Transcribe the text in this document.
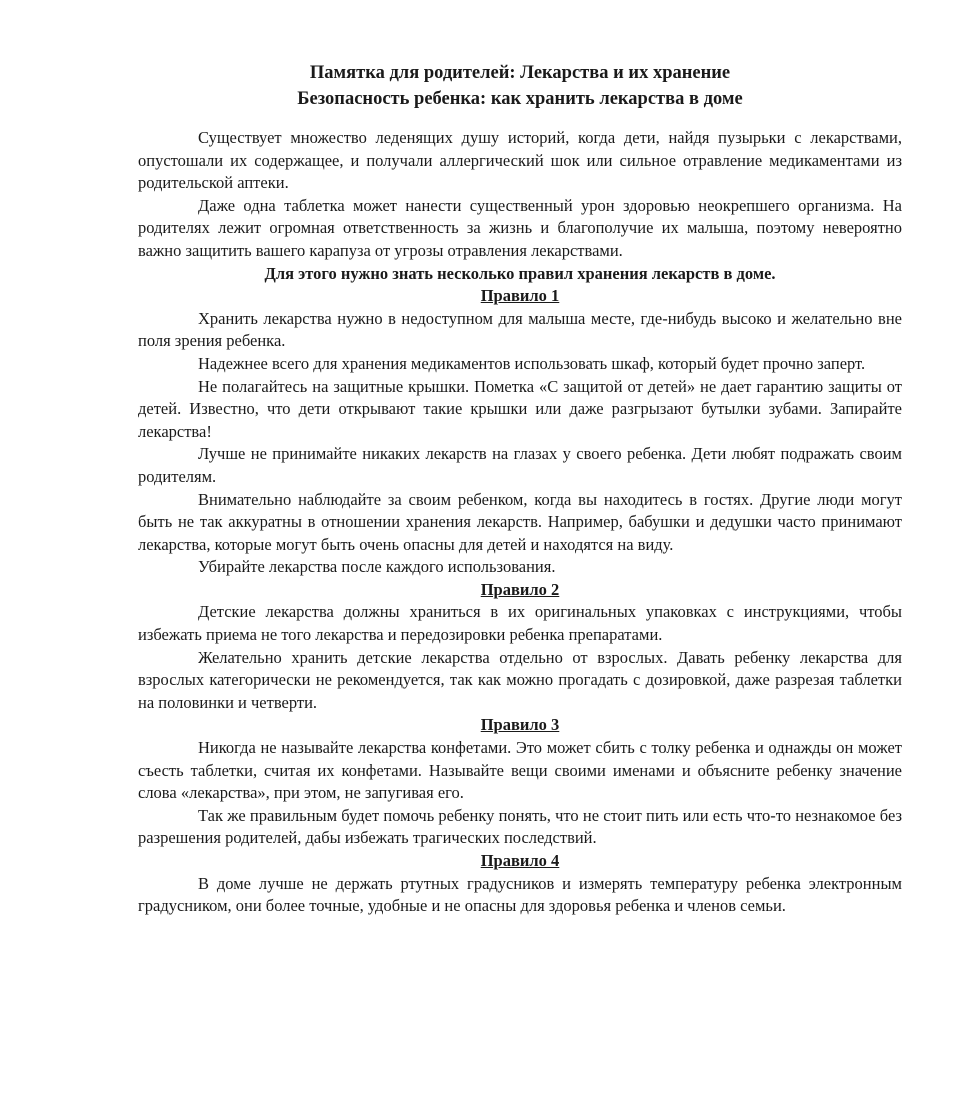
Памятка для родителей: Лекарства и их хранение
Безопасность ребенка: как хранить лекарства в доме

Существует множество леденящих душу историй, когда дети, найдя пузырьки с лекарствами, опустошали их содержащее, и получали аллергический шок или сильное отравление медикаментами из родительской аптеки.

Даже одна таблетка может нанести существенный урон здоровью неокрепшего организма. На родителях лежит огромная ответственность за жизнь и благополучие их малыша, поэтому невероятно важно защитить вашего карапуза от угрозы отравления лекарствами.

Для этого нужно знать несколько правил хранения лекарств в доме.
Правило 1

Хранить лекарства нужно в недоступном для малыша месте, где-нибудь высоко и желательно вне поля зрения ребенка.

Надежнее всего для хранения медикаментов использовать шкаф, который будет прочно заперт.

Не полагайтесь на защитные крышки. Пометка «С защитой от детей» не дает гарантию защиты от детей. Известно, что дети открывают такие крышки или даже разгрызают бутылки зубами. Запирайте лекарства!

Лучше не принимайте никаких лекарств на глазах у своего ребенка. Дети любят подражать своим родителям.

Внимательно наблюдайте за своим ребенком, когда вы находитесь в гостях. Другие люди могут быть не так аккуратны в отношении хранения лекарств. Например, бабушки и дедушки часто принимают лекарства, которые могут быть очень опасны для детей и находятся на виду.

Убирайте лекарства после каждого использования.

Правило 2

Детские лекарства должны храниться в их оригинальных упаковках с инструкциями, чтобы избежать приема не того лекарства и передозировки ребенка препаратами.

Желательно хранить детские лекарства отдельно от взрослых. Давать ребенку лекарства для взрослых категорически не рекомендуется, так как можно прогадать с дозировкой, даже разрезая таблетки на половинки и четверти.

Правило 3

Никогда не называйте лекарства конфетами. Это может сбить с толку ребенка и однажды он может съесть таблетки, считая их конфетами. Называйте вещи своими именами и объясните ребенку значение слова «лекарства», при этом, не запугивая его.

Так же правильным будет помочь ребенку понять, что не стоит пить или есть что-то незнакомое без разрешения родителей, дабы избежать трагических последствий.

Правило 4

В доме лучше не держать ртутных градусников и измерять температуру ребенка электронным градусником, они более точные, удобные и не опасны для здоровья ребенка и членов семьи.
